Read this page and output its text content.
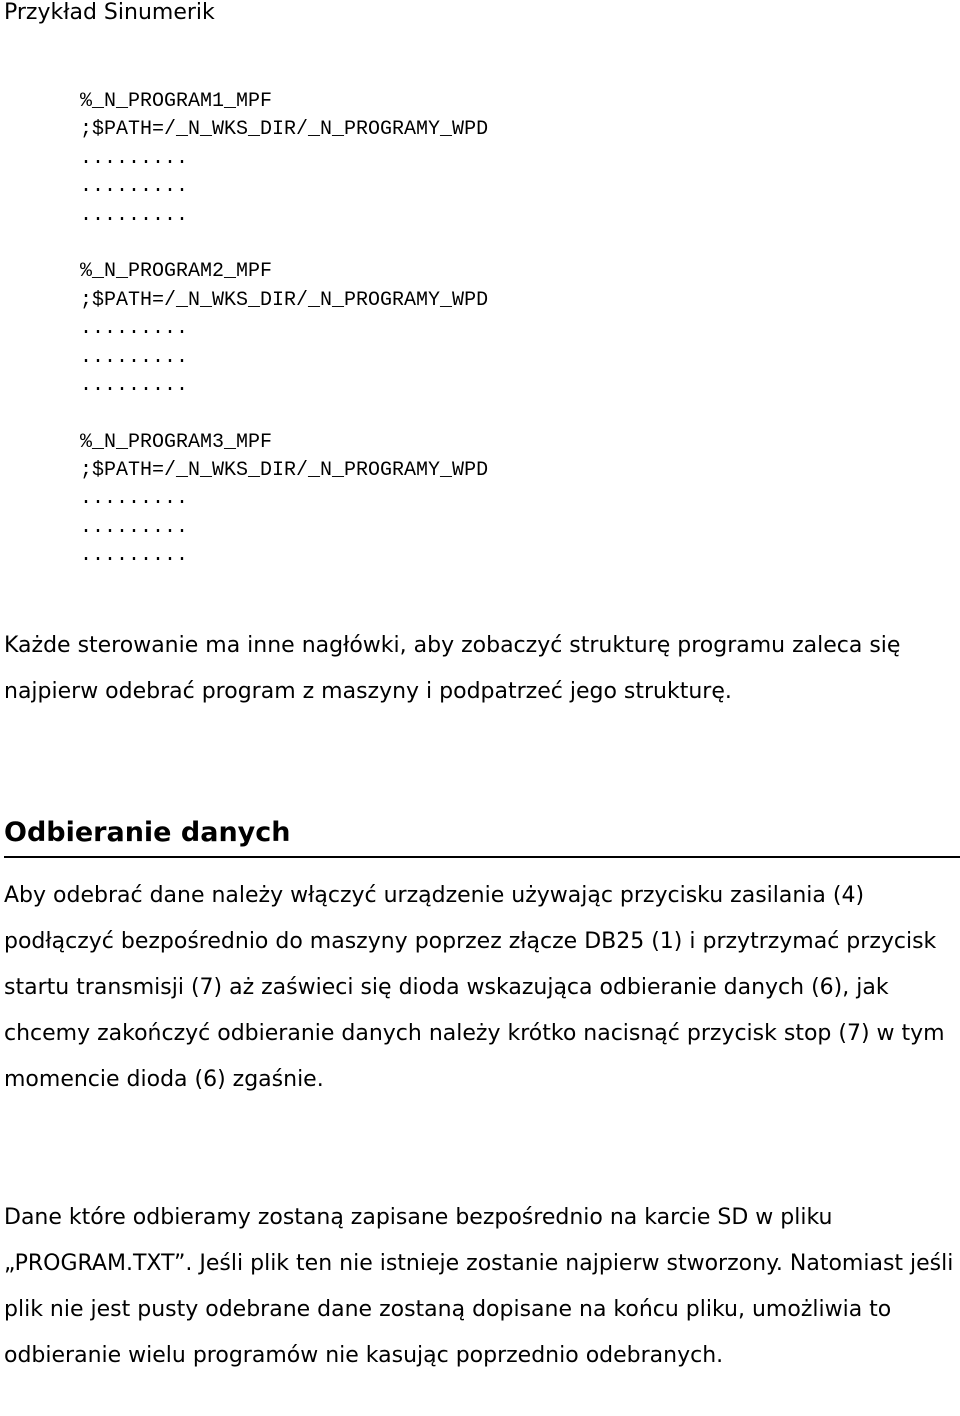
Przykład Sinumerik
%_N_PROGRAM1_MPF
;$PATH=/_N_WKS_DIR/_N_PROGRAMY_WPD
.........
.........
.........
%_N_PROGRAM2_MPF
;$PATH=/_N_WKS_DIR/_N_PROGRAMY_WPD
.........
.........
.........
%_N_PROGRAM3_MPF
;$PATH=/_N_WKS_DIR/_N_PROGRAMY_WPD
.........
.........
.........

Każde sterowanie ma inne nagłówki, aby zobaczyć strukturę programu zaleca się najpierw odebrać program z maszyny i podpatrzeć jego strukturę.

Odbieranie danych

Aby odebrać dane należy włączyć urządzenie używając przycisku zasilania (4) podłączyć bezpośrednio do maszyny poprzez złącze DB25 (1) i przytrzymać przycisk startu transmisji (7) aż zaświeci się dioda wskazująca odbieranie danych (6), jak chcemy zakończyć odbieranie danych należy krótko nacisnąć przycisk stop (7) w tym momencie dioda (6) zgaśnie.

Dane które odbieramy zostaną zapisane bezpośrednio na karcie SD w pliku „PROGRAM.TXT”. Jeśli plik ten nie istnieje zostanie najpierw stworzony. Natomiast jeśli plik nie jest pusty odebrane dane zostaną dopisane na końcu pliku, umożliwia to odbieranie wielu programów nie kasując poprzednio odebranych.
